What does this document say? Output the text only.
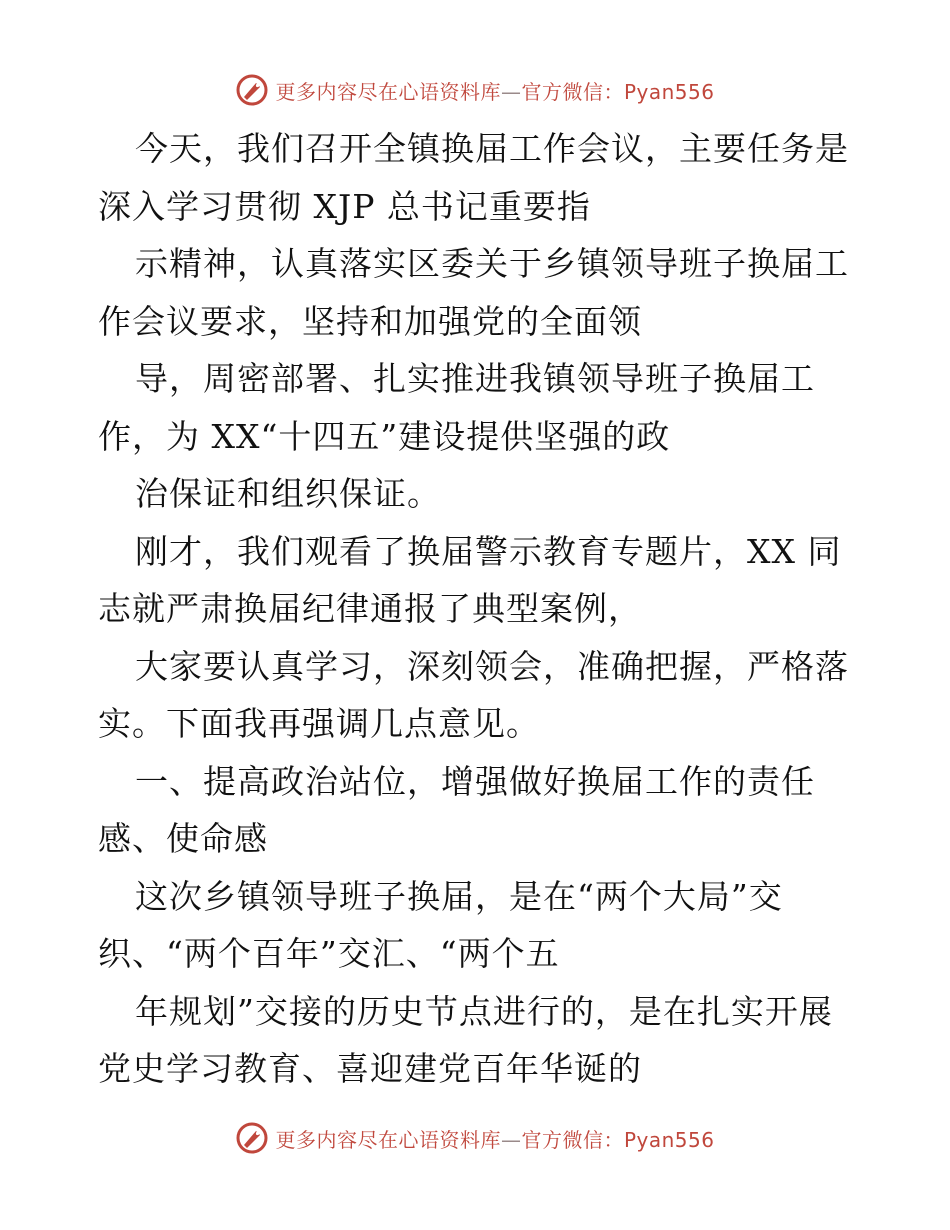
更多内容尽在心语资料库—官方微信：Pyan556
今天，我们召开全镇换届工作会议，主要任务是
深入学习贯彻 XJP 总书记重要指
示精神，认真落实区委关于乡镇领导班子换届工
作会议要求，坚持和加强党的全面领
导，周密部署、扎实推进我镇领导班子换届工
作，为 XX“十四五”建设提供坚强的政
治保证和组织保证。
刚才，我们观看了换届警示教育专题片，XX 同
志就严肃换届纪律通报了典型案例，
大家要认真学习，深刻领会，准确把握，严格落
实。下面我再强调几点意见。
一、提高政治站位，增强做好换届工作的责任
感、使命感
这次乡镇领导班子换届，是在“两个大局”交
织、“两个百年”交汇、“两个五
年规划”交接的历史节点进行的，是在扎实开展
党史学习教育、喜迎建党百年华诞的
更多内容尽在心语资料库—官方微信：Pyan556
